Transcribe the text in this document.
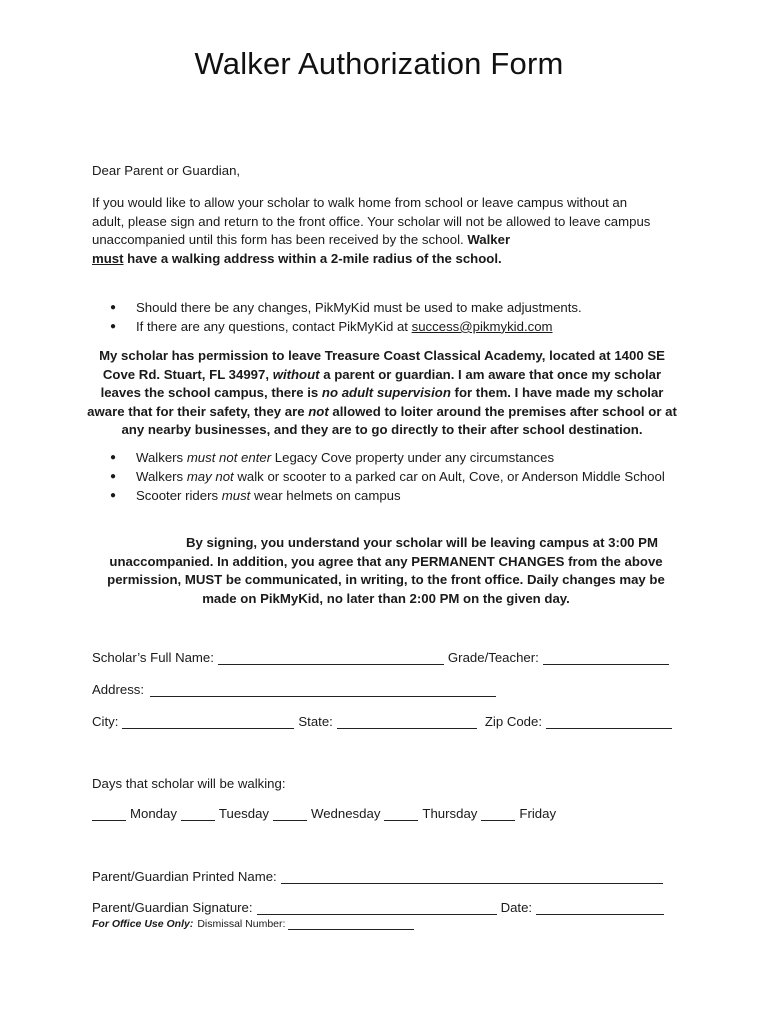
Walker Authorization Form
Dear Parent or Guardian,
If you would like to allow your scholar to walk home from school or leave campus without an adult, please sign and return to the front office. Your scholar will not be allowed to leave campus unaccompanied until this form has been received by the school. Walker
must have a walking address within a 2-mile radius of the school.
● Should there be any changes, PikMyKid must be used to make adjustments.
● If there are any questions, contact PikMyKid at success@pikmykid.com
My scholar has permission to leave Treasure Coast Classical Academy, located at 1400 SE Cove Rd. Stuart, FL 34997, without a parent or guardian. I am aware that once my scholar leaves the school campus, there is no adult supervision for them. I have made my scholar aware that for their safety, they are not allowed to loiter around the premises after school or at any nearby businesses, and they are to go directly to their after school destination.
● Walkers must not enter Legacy Cove property under any circumstances
● Walkers may not walk or scooter to a parked car on Ault, Cove, or Anderson Middle School
● Scooter riders must wear helmets on campus
By signing, you understand your scholar will be leaving campus at 3:00 PM unaccompanied. In addition, you agree that any PERMANENT CHANGES from the above permission, MUST be communicated, in writing, to the front office. Daily changes may be made on PikMyKid, no later than 2:00 PM on the given day.
Scholar’s Full Name:	Grade/Teacher:
Address:
City:	State:	Zip Code:
Days that scholar will be walking:
Monday	Tuesday	Wednesday	Thursday	Friday
Parent/Guardian Printed Name:
Parent/Guardian Signature:	Date:
For Office Use Only: Dismissal Number:
